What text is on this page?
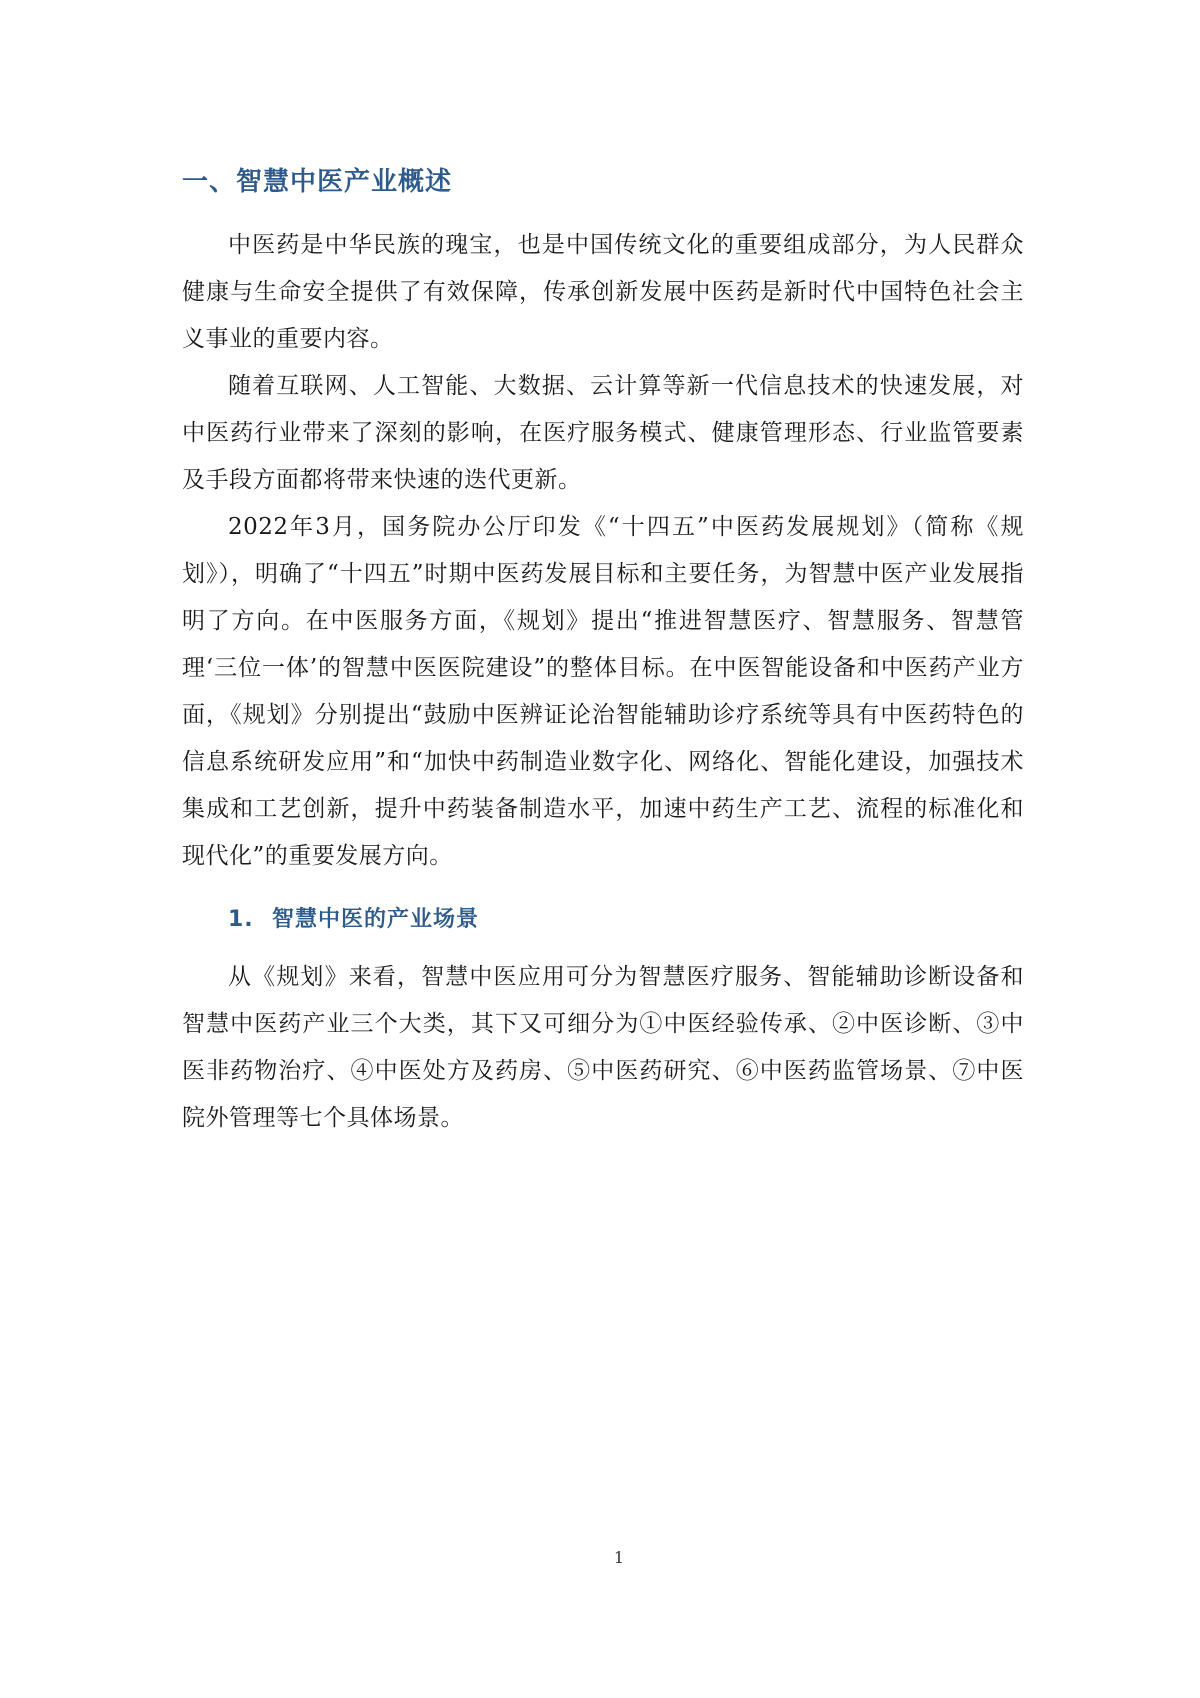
一、智慧中医产业概述

中医药是中华民族的瑰宝，也是中国传统文化的重要组成部分，为人民群众健康与生命安全提供了有效保障，传承创新发展中医药是新时代中国特色社会主义事业的重要内容。

随着互联网、人工智能、大数据、云计算等新一代信息技术的快速发展，对中医药行业带来了深刻的影响，在医疗服务模式、健康管理形态、行业监管要素及手段方面都将带来快速的迭代更新。

2022年3月，国务院办公厅印发《“十四五”中医药发展规划》（简称《规划》），明确了“十四五”时期中医药发展目标和主要任务，为智慧中医产业发展指明了方向。在中医服务方面，《规划》提出“推进智慧医疗、智慧服务、智慧管理‘三位一体’的智慧中医医院建设”的整体目标。在中医智能设备和中医药产业方面，《规划》分别提出“鼓励中医辨证论治智能辅助诊疗系统等具有中医药特色的信息系统研发应用”和“加快中药制造业数字化、网络化、智能化建设，加强技术集成和工艺创新，提升中药装备制造水平，加速中药生产工艺、流程的标准化和现代化”的重要发展方向。

1. 智慧中医的产业场景

从《规划》来看，智慧中医应用可分为智慧医疗服务、智能辅助诊断设备和智慧中医药产业三个大类，其下又可细分为①中医经验传承、②中医诊断、③中医非药物治疗、④中医处方及药房、⑤中医药研究、⑥中医药监管场景、⑦中医院外管理等七个具体场景。

1
